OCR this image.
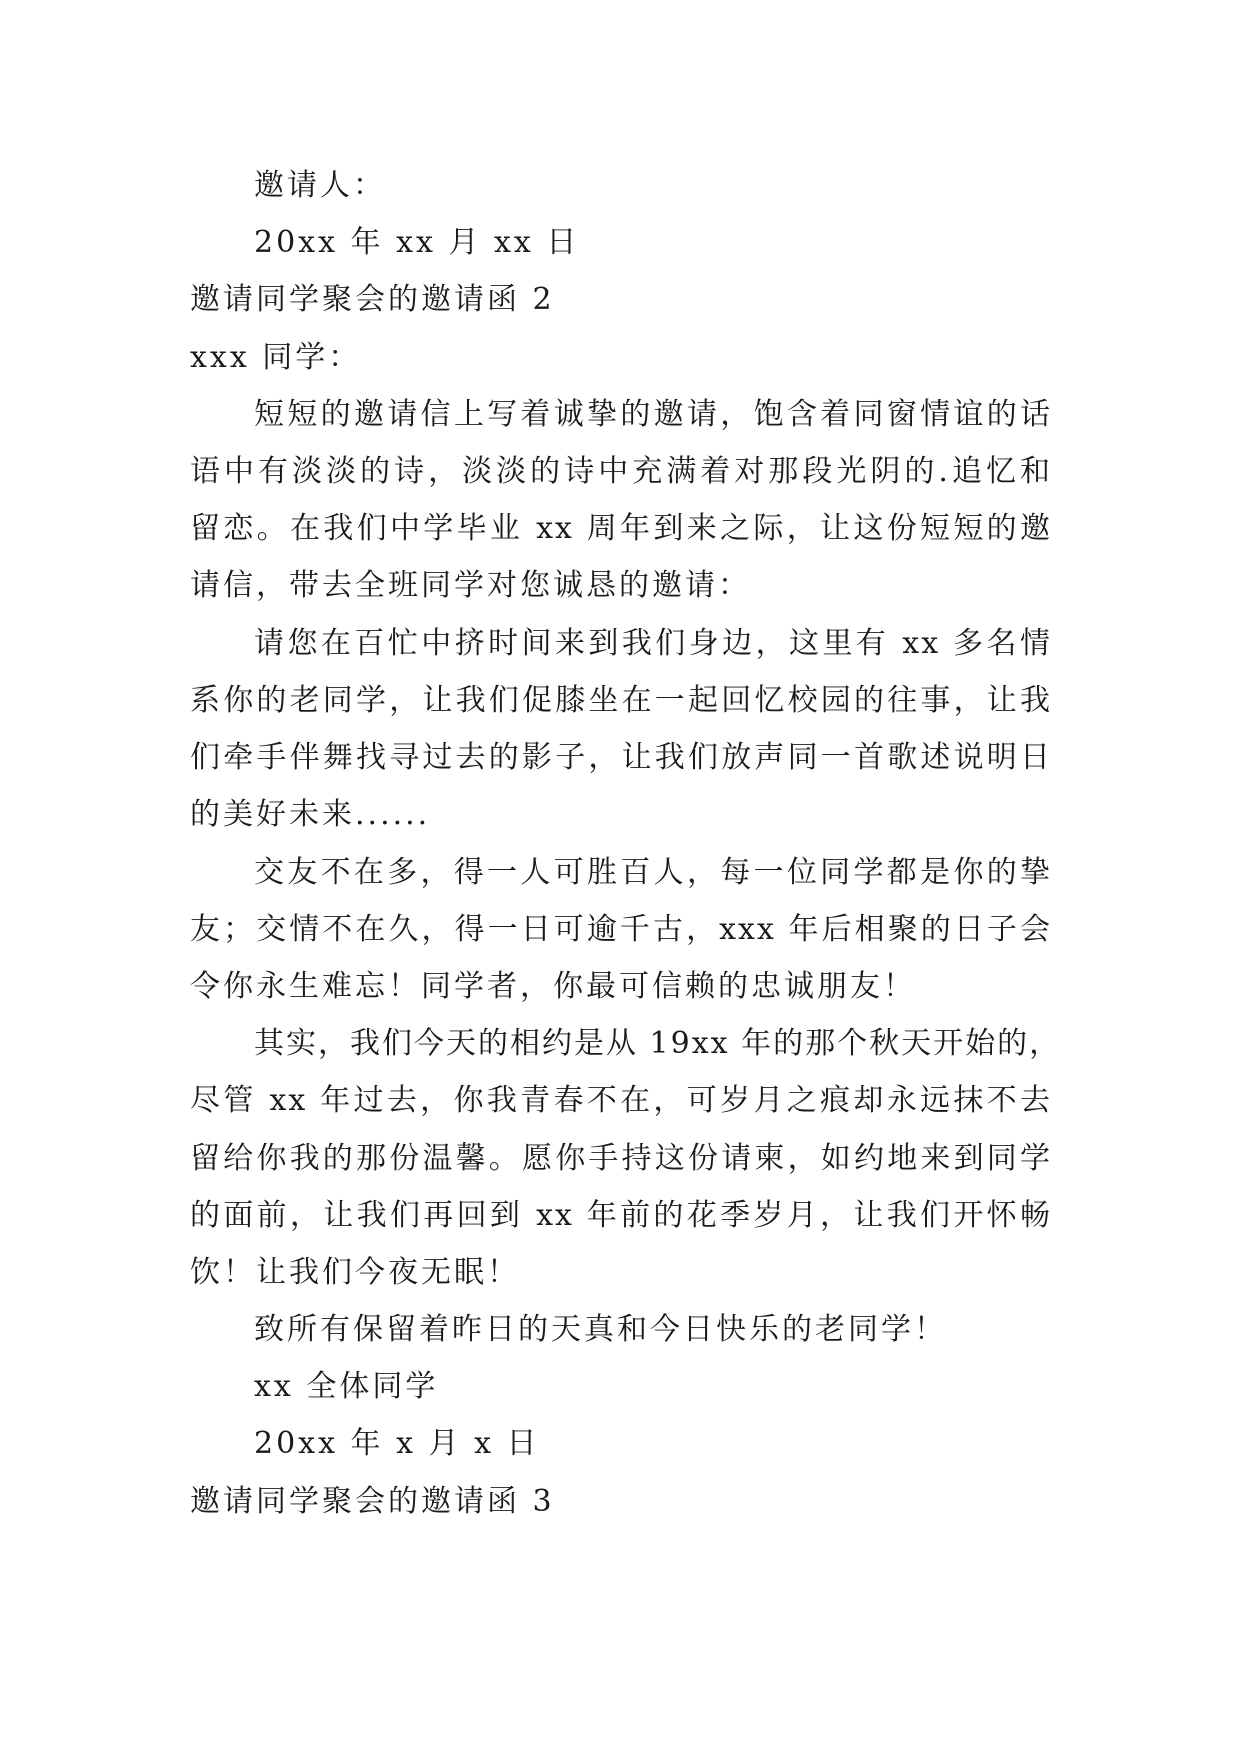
邀请人：
20xx 年 xx 月 xx 日
邀请同学聚会的邀请函 2
xxx 同学：
短短的邀请信上写着诚挚的邀请，饱含着同窗情谊的话
语中有淡淡的诗，淡淡的诗中充满着对那段光阴的.追忆和
留恋。在我们中学毕业 xx 周年到来之际，让这份短短的邀
请信，带去全班同学对您诚恳的邀请：
请您在百忙中挤时间来到我们身边，这里有 xx 多名情
系你的老同学，让我们促膝坐在一起回忆校园的往事，让我
们牵手伴舞找寻过去的影子，让我们放声同一首歌述说明日
的美好未来......
交友不在多，得一人可胜百人，每一位同学都是你的挚
友；交情不在久，得一日可逾千古，xxx 年后相聚的日子会
令你永生难忘！同学者，你最可信赖的忠诚朋友！
其实，我们今天的相约是从 19xx 年的那个秋天开始的，
尽管 xx 年过去，你我青春不在，可岁月之痕却永远抹不去
留给你我的那份温馨。愿你手持这份请柬，如约地来到同学
的面前，让我们再回到 xx 年前的花季岁月，让我们开怀畅
饮！让我们今夜无眠！
致所有保留着昨日的天真和今日快乐的老同学！
xx 全体同学
20xx 年 x 月 x 日
邀请同学聚会的邀请函 3
